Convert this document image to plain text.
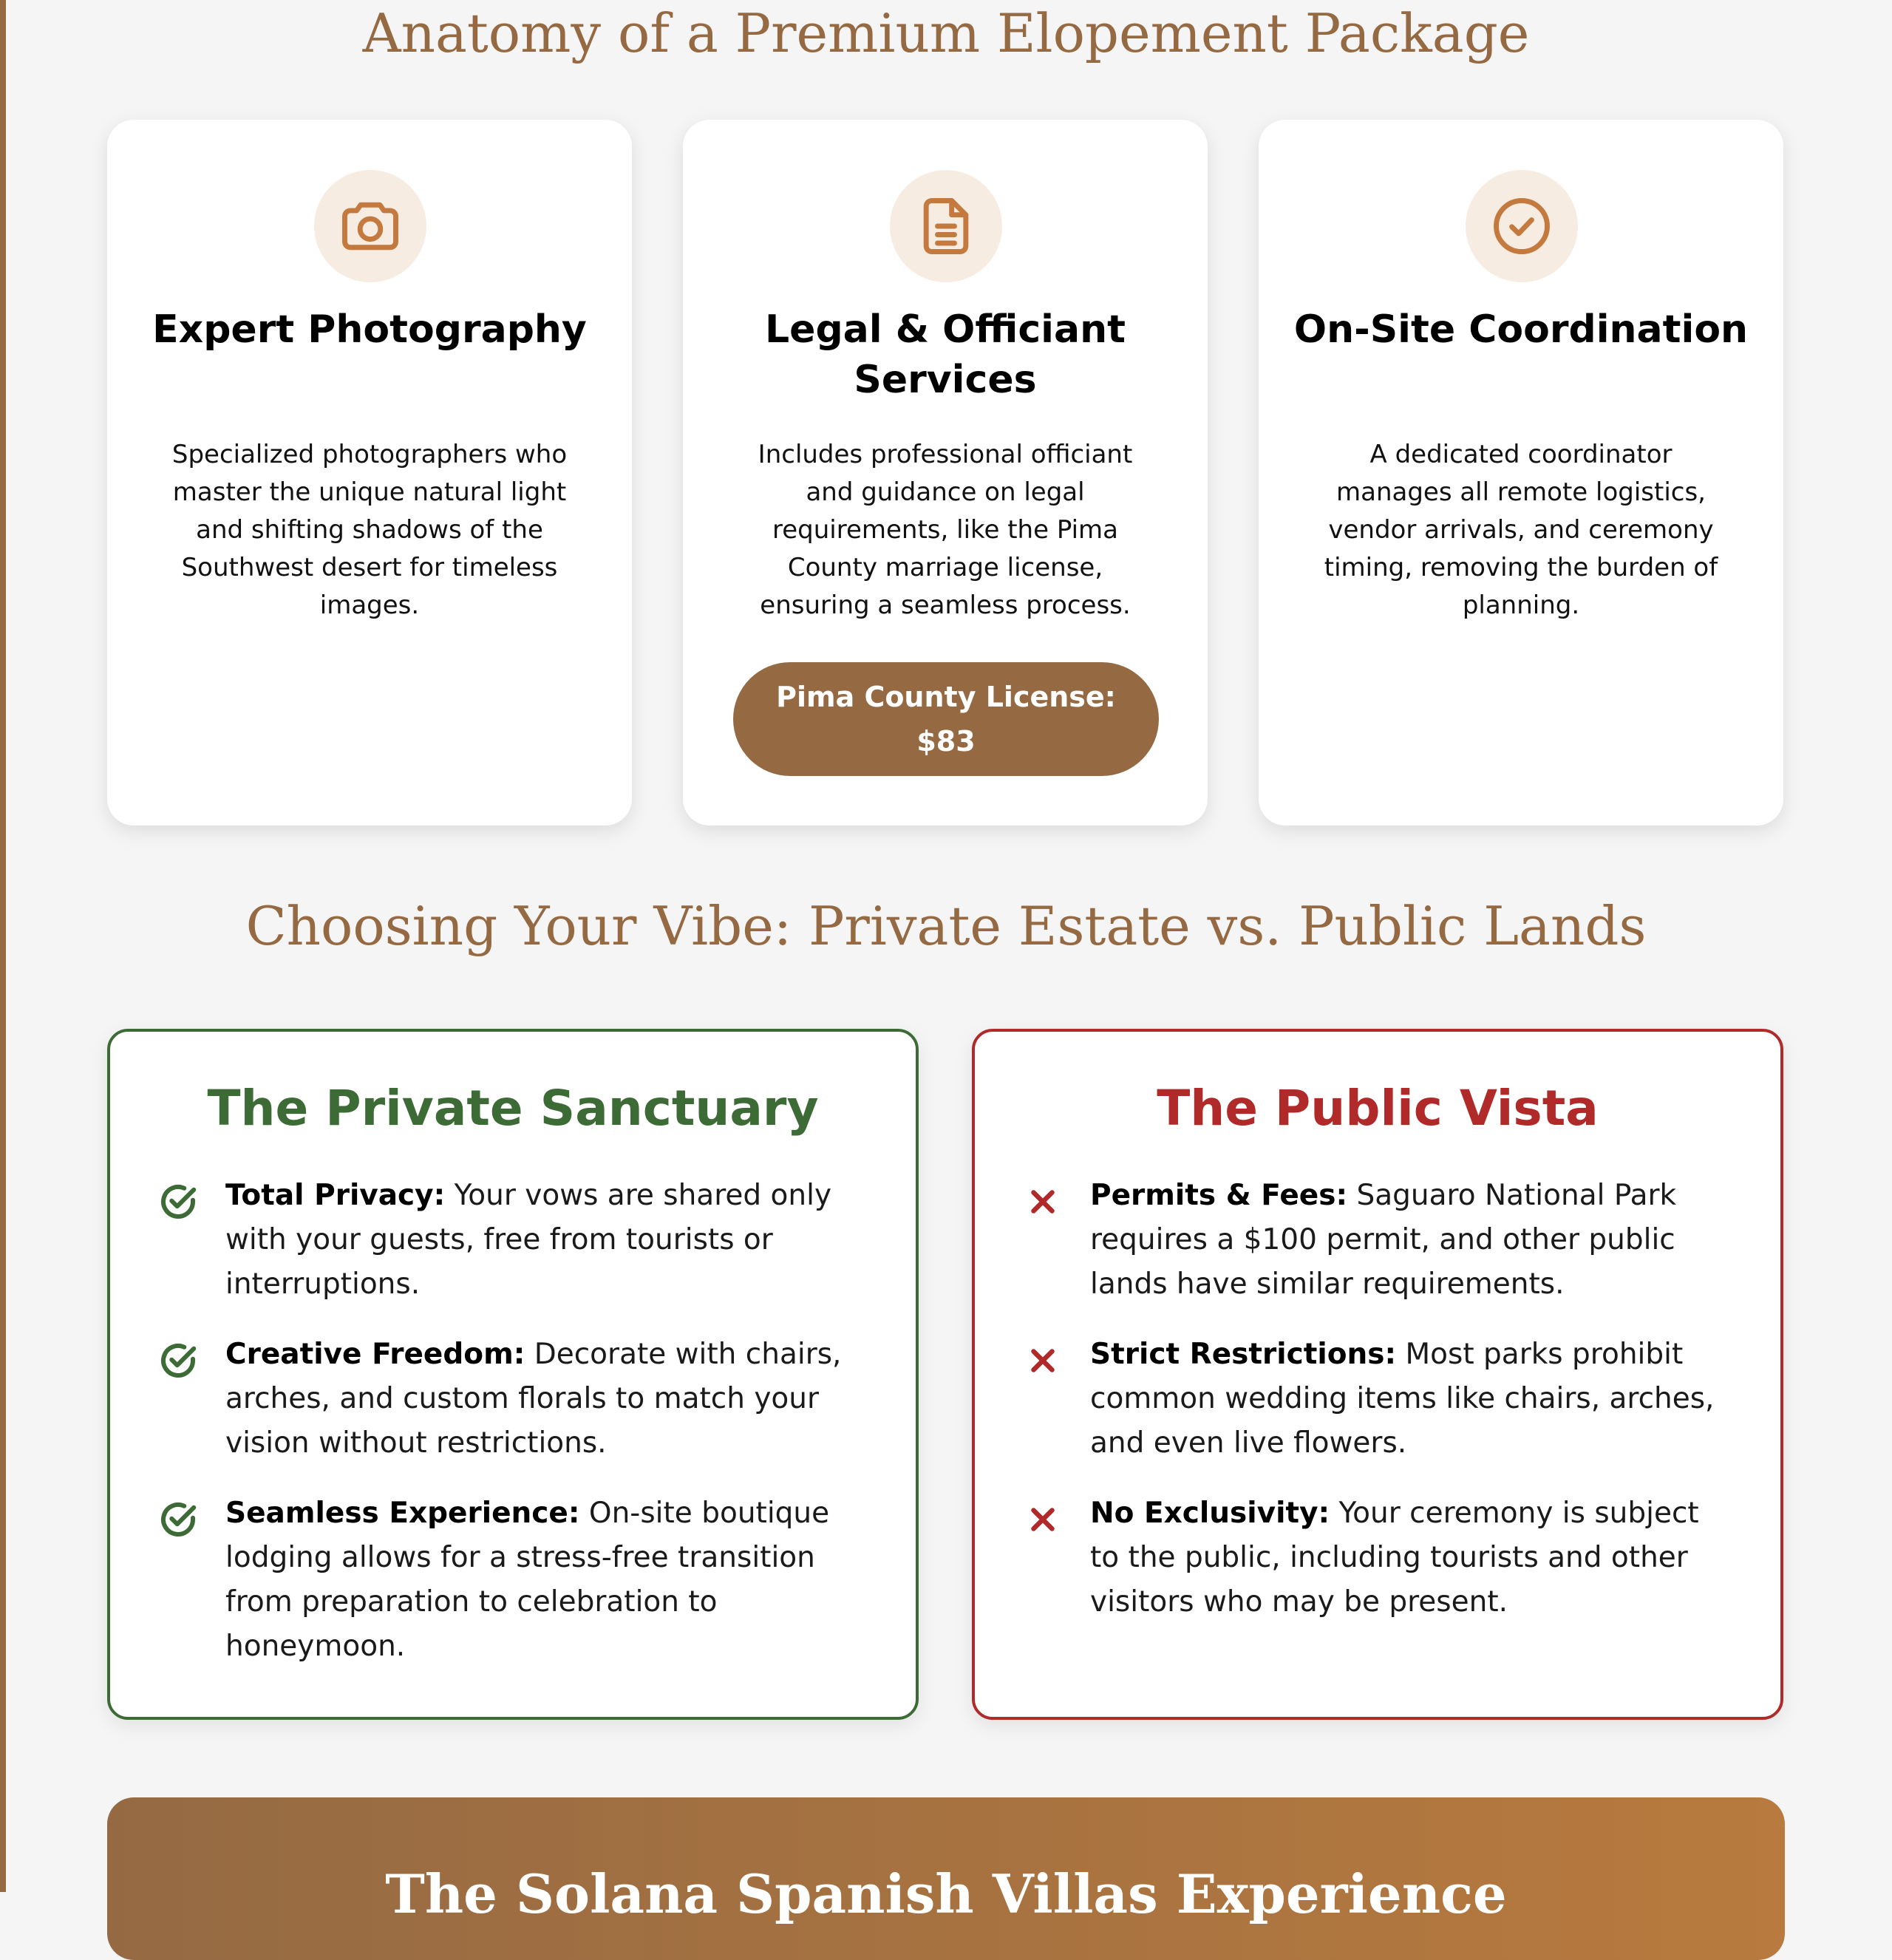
Anatomy of a Premium Elopement Package
Expert Photography

Specialized photographers who master the unique natural light and shifting shadows of the Southwest desert for timeless images.

Legal & Officiant Services

Includes professional officiant and guidance on legal requirements, like the Pima County marriage license, ensuring a seamless process.

Pima County License: $83
On-Site Coordination

A dedicated coordinator manages all remote logistics, vendor arrivals, and ceremony timing, removing the burden of planning.

Choosing Your Vibe: Private Estate vs. Public Lands
The Private Sanctuary
Total Privacy: Your vows are shared only with your guests, free from tourists or interruptions.
Creative Freedom: Decorate with chairs, arches, and custom florals to match your vision without restrictions.
Seamless Experience: On-site boutique lodging allows for a stress-free transition from preparation to celebration to honeymoon.
The Public Vista
Permits & Fees: Saguaro National Park requires a $100 permit, and other public lands have similar requirements.
Strict Restrictions: Most parks prohibit common wedding items like chairs, arches, and even live flowers.
No Exclusivity: Your ceremony is subject to the public, including tourists and other visitors who may be present.
The Solana Spanish Villas Experience
